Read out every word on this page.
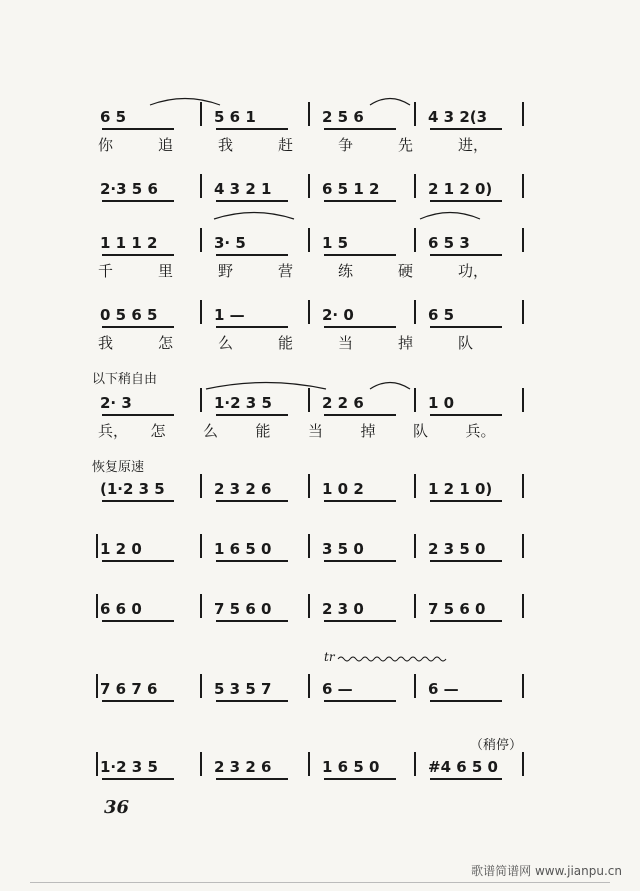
以下稍自由
恢复原速
（稍停）
tr
6 5	5 6 1	2 5 6	4 3 2(3
你	追	我	赶	争	先	进，
2·3 5 6	4 3 2 1	6 5 1 2	2 1 2 0)
1 1 1 2	3· 5	1 5	6 5 3
千	里	野	营	练	硬	功，
0 5 6 5	1 —	2· 0	6 5
我	怎	么	能	当	掉	队
2· 3	1·2 3 5	2 2 6	1 0
兵， 怎 么 能 当 掉 队 兵。
(1·2 3 5	2 3 2 6	1 0 2	1 2 1 0)
1 2 0	1 6 5 0	3 5 0	2 3 5 0
6 6 0	7 5 6 0	2 3 0	7 5 6 0
7 6 7 6	5 3 5 7	6 —	6 —
1·2 3 5	2 3 2 6	1 6 5 0	#4 6 5 0
36
歌谱简谱网 www.jianpu.cn
